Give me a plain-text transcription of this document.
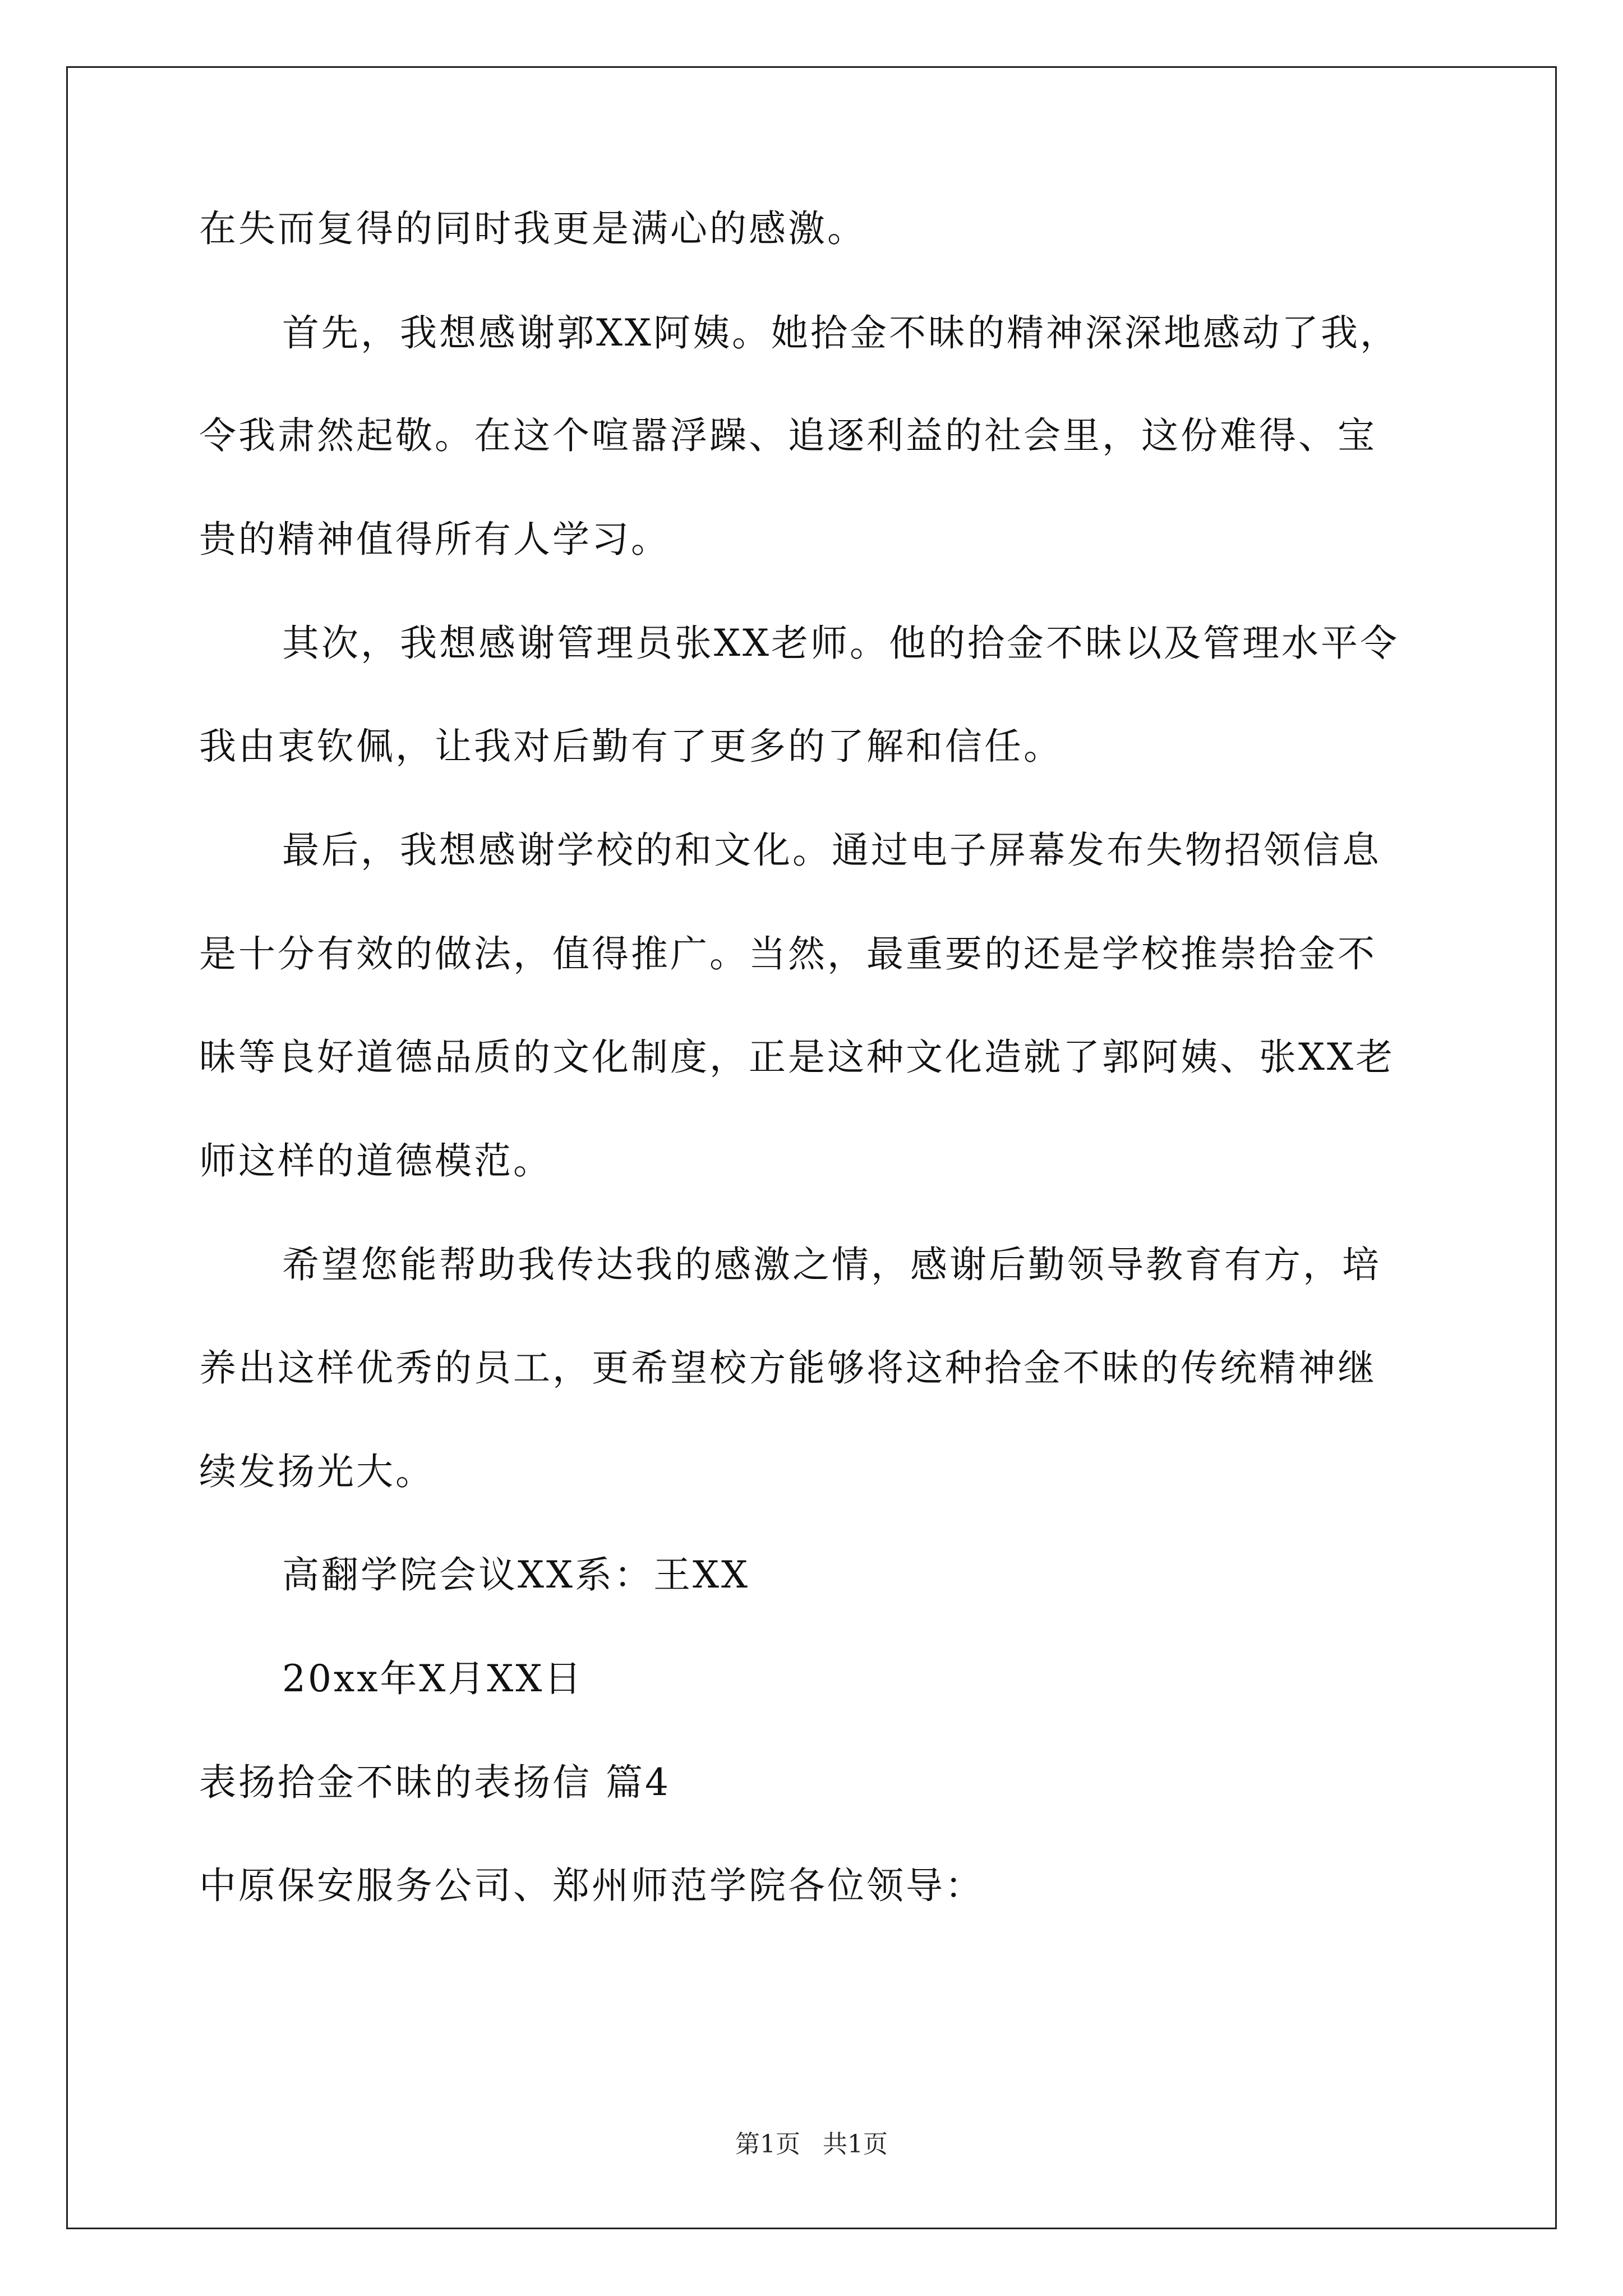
在失而复得的同时我更是满心的感激。
首先，我想感谢郭XX阿姨。她拾金不昧的精神深深地感动了我，
令我肃然起敬。在这个喧嚣浮躁、追逐利益的社会里，这份难得、宝
贵的精神值得所有人学习。
其次，我想感谢管理员张XX老师。他的拾金不昧以及管理水平令
我由衷钦佩，让我对后勤有了更多的了解和信任。
最后，我想感谢学校的和文化。通过电子屏幕发布失物招领信息
是十分有效的做法，值得推广。当然，最重要的还是学校推崇拾金不
昧等良好道德品质的文化制度，正是这种文化造就了郭阿姨、张XX老
师这样的道德模范。
希望您能帮助我传达我的感激之情，感谢后勤领导教育有方，培
养出这样优秀的员工，更希望校方能够将这种拾金不昧的传统精神继
续发扬光大。
高翻学院会议XX系：王XX
20xx年X月XX日
表扬拾金不昧的表扬信 篇4
中原保安服务公司、郑州师范学院各位领导：
第1页 共1页
